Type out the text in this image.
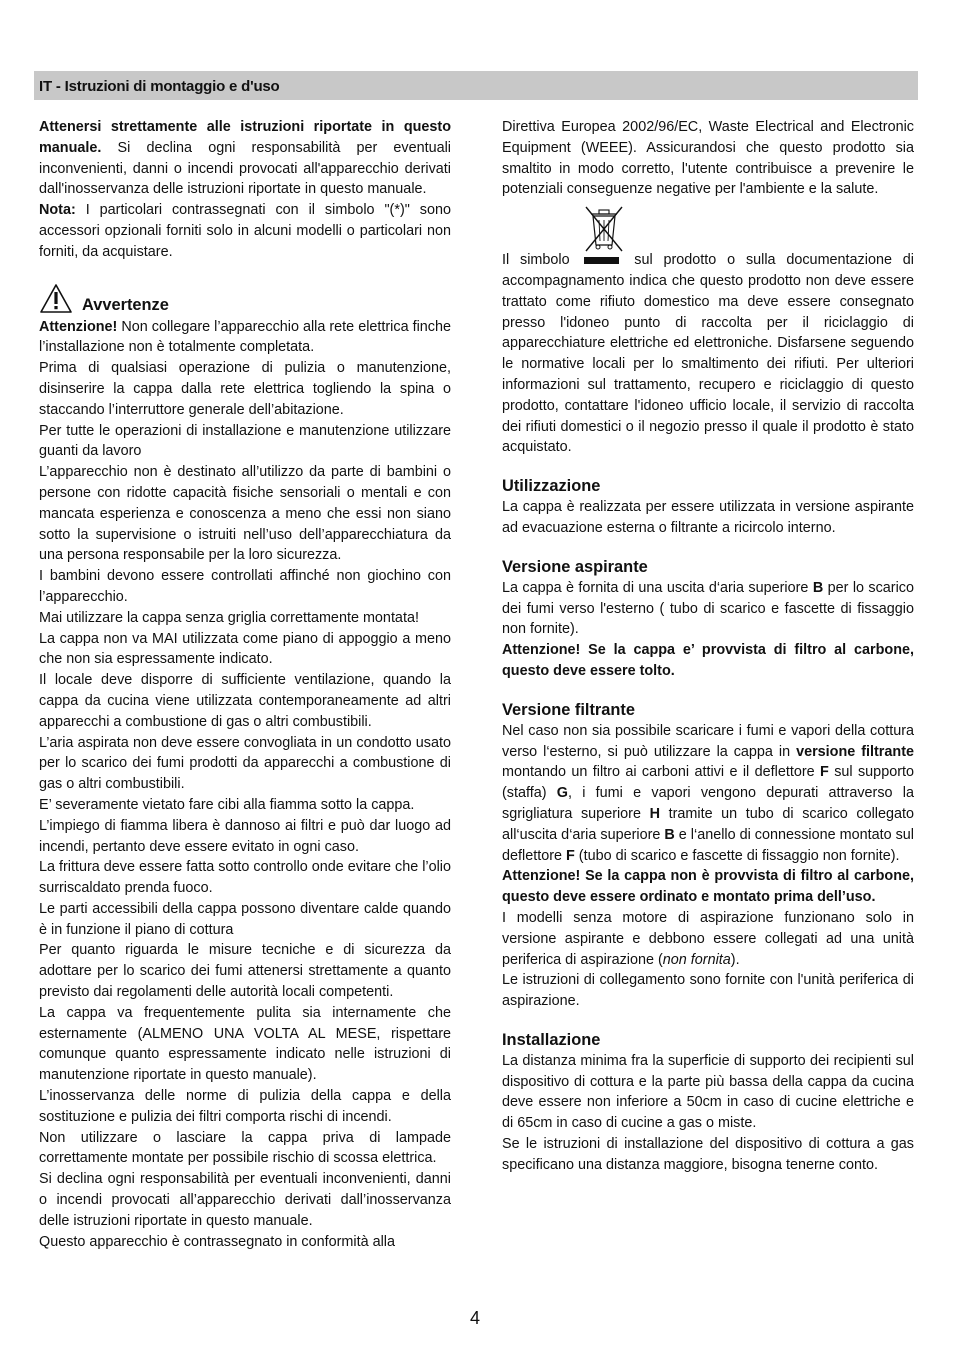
IT - Istruzioni di montaggio e d'uso

Attenersi strettamente alle istruzioni riportate in questo manuale. Si declina ogni responsabilità per eventuali inconvenienti, danni o incendi provocati all'apparecchio derivati dall'inosservanza delle istruzioni riportate in questo manuale.

Nota: I particolari contrassegnati con il simbolo "(*)" sono accessori opzionali forniti solo in alcuni modelli o particolari non forniti, da acquistare.

Avvertenze

Attenzione! Non collegare l’apparecchio alla rete elettrica finche l’installazione non è totalmente completata.

Prima di qualsiasi operazione di pulizia o manutenzione, disinserire la cappa dalla rete elettrica togliendo la spina o staccando l’interruttore generale dell’abitazione.

Per tutte le operazioni di installazione e manutenzione utilizzare guanti da lavoro

L’apparecchio non è destinato all’utilizzo da parte di bambini o persone con ridotte capacità fisiche sensoriali o mentali e con mancata esperienza e conoscenza a meno che essi non siano sotto la supervisione o istruiti nell’uso dell’apparecchiatura da una persona responsabile per la loro sicurezza.

I bambini devono essere controllati affinché non giochino con l’apparecchio.

Mai utilizzare la cappa senza griglia correttamente montata!

La cappa non va MAI utilizzata come piano di appoggio a meno che non sia espressamente indicato.

Il locale deve disporre di sufficiente ventilazione, quando la cappa da cucina viene utilizzata contemporaneamente ad altri apparecchi a combustione di gas o altri combustibili.

L’aria aspirata non deve essere convogliata in un condotto usato per lo scarico dei fumi prodotti da apparecchi a combustione di gas o altri combustibili.

E’ severamente vietato fare cibi alla fiamma sotto la cappa.

L’impiego di fiamma libera è dannoso ai filtri e può dar luogo ad incendi, pertanto deve essere evitato in ogni caso.

La frittura deve essere fatta sotto controllo onde evitare che l’olio surriscaldato prenda fuoco.

Le parti accessibili della cappa possono diventare calde quando è in funzione il piano di cottura

Per quanto riguarda le misure tecniche e di sicurezza da adottare per lo scarico dei fumi attenersi strettamente a quanto previsto dai regolamenti delle autorità locali competenti.

La cappa va frequentemente pulita sia internamente che esternamente (ALMENO UNA VOLTA AL MESE, rispettare comunque quanto espressamente indicato nelle istruzioni di manutenzione riportate in questo manuale).

L’inosservanza delle norme di pulizia della cappa e della sostituzione e pulizia dei filtri comporta rischi di incendi.

Non utilizzare o lasciare la cappa priva di lampade correttamente montate per possibile rischio di scossa elettrica.

Si declina ogni responsabilità per eventuali inconvenienti, danni o incendi provocati all’apparecchio derivati dall’inosservanza delle istruzioni riportate in questo manuale.

Questo apparecchio è contrassegnato in conformità alla

Direttiva Europea 2002/96/EC, Waste Electrical and Electronic Equipment (WEEE). Assicurandosi che questo prodotto sia smaltito in modo corretto, l'utente contribuisce a prevenire le potenziali conseguenze negative per l'ambiente e la salute.

Il simbolo	sul prodotto o sulla documentazione di accompagnamento indica che questo prodotto non deve essere trattato come rifiuto domestico ma deve essere consegnato presso l'idoneo punto di raccolta per il riciclaggio di apparecchiature elettriche ed elettroniche. Disfarsene seguendo le normative locali per lo smaltimento dei rifiuti. Per ulteriori informazioni sul trattamento, recupero e riciclaggio di questo prodotto, contattare l'idoneo ufficio locale, il servizio di raccolta dei rifiuti domestici o il negozio presso il quale il prodotto è stato acquistato.

Utilizzazione

La cappa è realizzata per essere utilizzata in versione aspirante ad evacuazione esterna o filtrante a ricircolo interno.

Versione aspirante

La cappa è fornita di una uscita d‘aria superiore B per lo scarico dei fumi verso l'esterno ( tubo di scarico e fascette di fissaggio non fornite).

Attenzione! Se la cappa e’ provvista di filtro al carbone, questo deve essere tolto.

Versione filtrante

Nel caso non sia possibile scaricare i fumi e vapori della cottura verso l‘esterno, si può utilizzare la cappa in versione filtrante montando un filtro ai carboni attivi e il deflettore F sul supporto (staffa) G, i fumi e vapori vengono depurati attraverso la sgrigliatura superiore H tramite un tubo di scarico collegato all‘uscita d‘aria superiore B e l‘anello di connessione montato sul deflettore F (tubo di scarico e fascette di fissaggio non fornite).

Attenzione! Se la cappa non è provvista di filtro al carbone, questo deve essere ordinato e montato prima dell’uso.

I modelli senza motore di aspirazione funzionano solo in versione aspirante e debbono essere collegati ad una unità periferica di aspirazione (non fornita).

Le istruzioni di collegamento sono fornite con l'unità periferica di aspirazione.

Installazione

La distanza minima fra la superficie di supporto dei recipienti sul dispositivo di cottura e la parte più bassa della cappa da cucina deve essere non inferiore a 50cm in caso di cucine elettriche e di 65cm in caso di cucine a gas o miste.

Se le istruzioni di installazione del dispositivo di cottura a gas specificano una distanza maggiore, bisogna tenerne conto.

4
